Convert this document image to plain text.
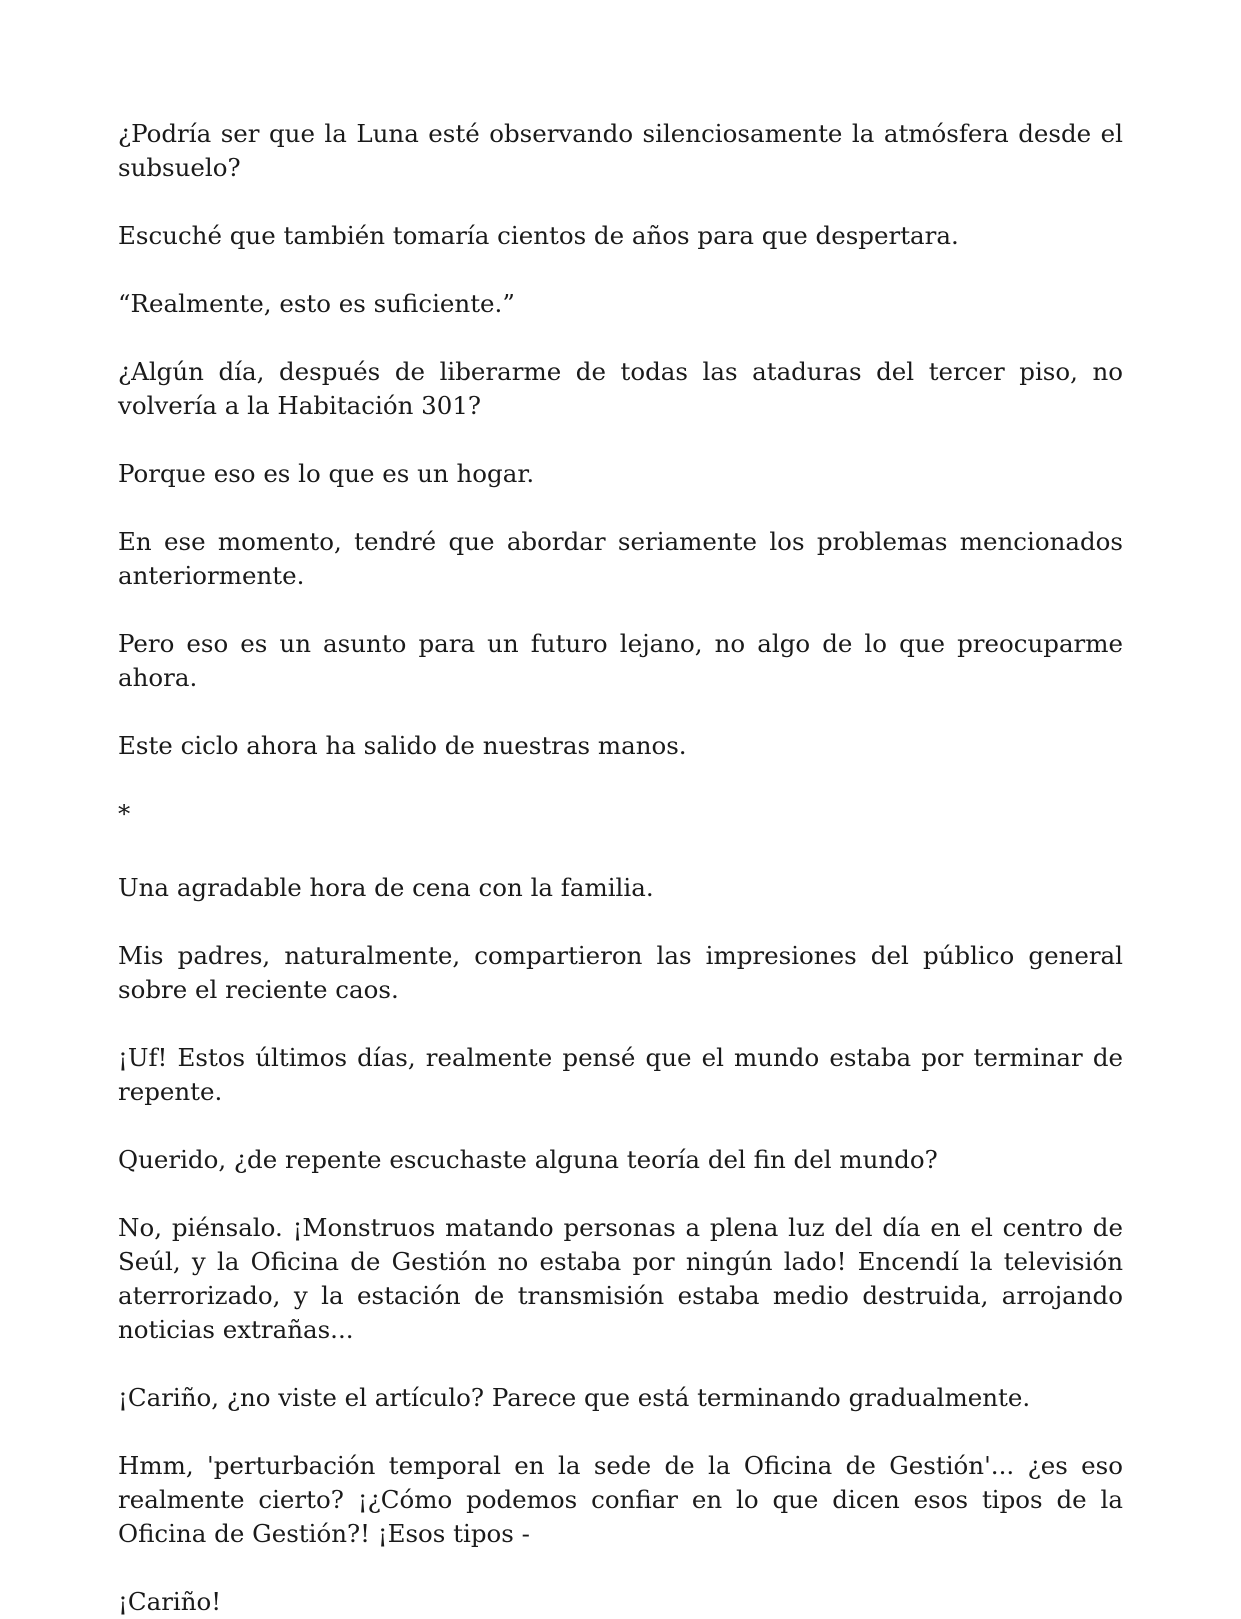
¿Podría ser que la Luna esté observando silenciosamente la atmósfera desde el subsuelo?

Escuché que también tomaría cientos de años para que despertara.

“Realmente, esto es suficiente.”

¿Algún día, después de liberarme de todas las ataduras del tercer piso, no volvería a la Habitación 301?

Porque eso es lo que es un hogar.

En ese momento, tendré que abordar seriamente los problemas mencionados anteriormente.

Pero eso es un asunto para un futuro lejano, no algo de lo que preocuparme ahora.

Este ciclo ahora ha salido de nuestras manos.

*

Una agradable hora de cena con la familia.

Mis padres, naturalmente, compartieron las impresiones del público general sobre el reciente caos.

¡Uf! Estos últimos días, realmente pensé que el mundo estaba por terminar de repente.

Querido, ¿de repente escuchaste alguna teoría del fin del mundo?

No, piénsalo. ¡Monstruos matando personas a plena luz del día en el centro de Seúl, y la Oficina de Gestión no estaba por ningún lado! Encendí la televisión aterrorizado, y la estación de transmisión estaba medio destruida, arrojando noticias extrañas...

¡Cariño, ¿no viste el artículo? Parece que está terminando gradualmente.

Hmm, 'perturbación temporal en la sede de la Oficina de Gestión'... ¿es eso realmente cierto? ¡¿Cómo podemos confiar en lo que dicen esos tipos de la Oficina de Gestión?! ¡Esos tipos -

¡Cariño!
